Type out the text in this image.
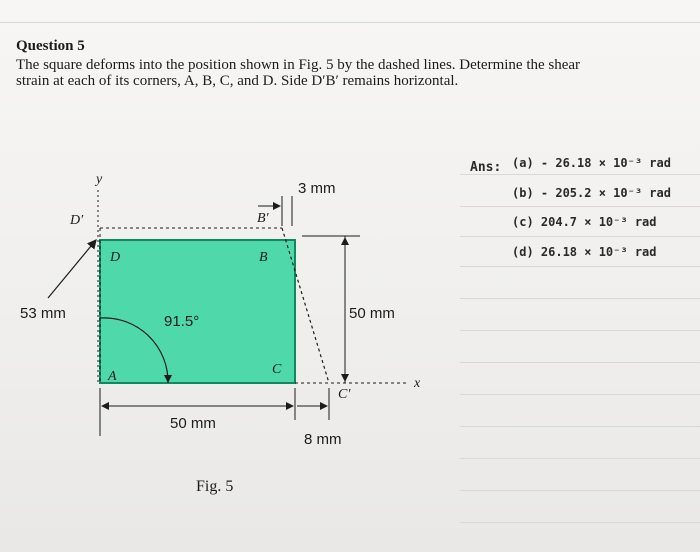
Question 5
The square deforms into the position shown in Fig. 5 by the dashed lines. Determine the shear
strain at each of its corners, A, B, C, and D. Side D′B′ remains horizontal.
y
x
D	B
C
A
D′	B′
C′
91.5°
53 mm
3 mm
50 mm
50 mm
8 mm
Fig. 5
Ans: (a) - 26.18 × 10⁻³ rad
(b) - 205.2 × 10⁻³ rad
(c) 204.7 × 10⁻³ rad
(d) 26.18 × 10⁻³ rad
